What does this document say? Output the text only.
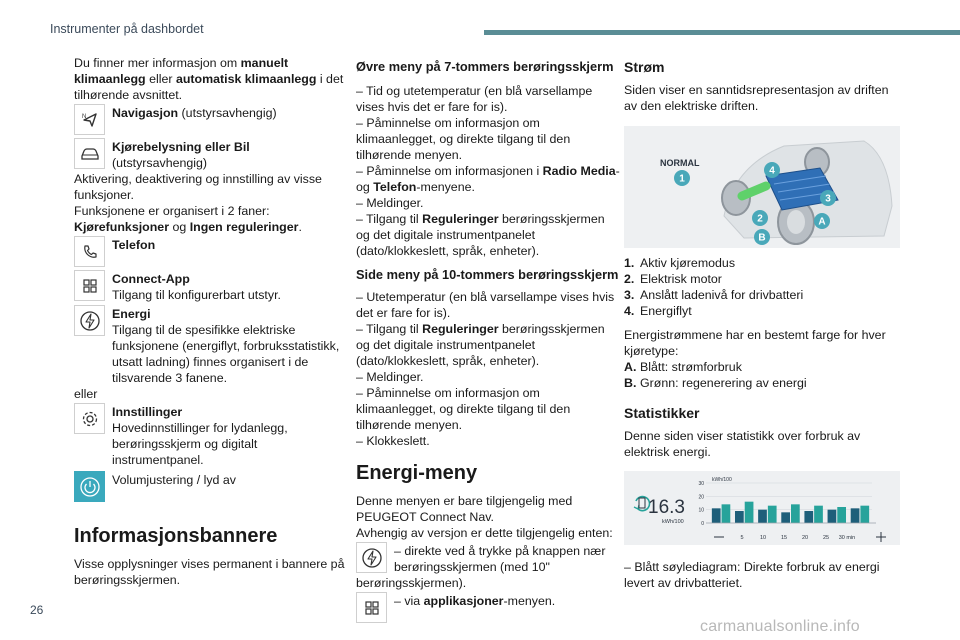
Instrumenter på dashbordet

Du finner mer informasjon om manuelt klimaanlegg eller automatisk klimaanlegg i det tilhørende avsnittet.

N Navigasjon (utstyrsavhengig)
Kjørebelysning eller Bil
(utstyrsavhengig)

Aktivering, deaktivering og innstilling av visse funksjoner.

Funksjonene er organisert i 2 faner:

Kjørefunksjoner og Ingen reguleringer.

Telefon
Connect-App
Tilgang til konfigurerbart utstyr.
Energi
Tilgang til de spesifikke elektriske funksjonene (energiflyt, forbruksstatistikk, utsatt ladning) finnes organisert i de tilsvarende 3 fanene.

eller

Innstillinger
Hovedinnstillinger for lydanlegg, berøringsskjerm og digitalt instrumentpanel.
Volumjustering / lyd av
Informasjonsbannere

Visse opplysninger vises permanent i bannere på berøringsskjermen.

Øvre meny på 7-tommers berøringsskjerm

– Tid og utetemperatur (en blå varsellampe vises hvis det er fare for is).

– Påminnelse om informasjon om klimaanlegget, og direkte tilgang til den tilhørende menyen.

– Påminnelse om informasjonen i Radio Media- og Telefon-menyene.

– Meldinger.

– Tilgang til Reguleringer berøringsskjermen og det digitale instrumentpanelet (dato/klokkeslett, språk, enheter).

Side meny på 10-tommers berøringsskjerm

– Utetemperatur (en blå varsellampe vises hvis det er fare for is).

– Tilgang til Reguleringer berøringsskjermen og det digitale instrumentpanelet (dato/klokkeslett, språk, enheter).

– Meldinger.

– Påminnelse om informasjon om klimaanlegget, og direkte tilgang til den tilhørende menyen.

– Klokkeslett.

Energi-meny

Denne menyen er bare tilgjengelig med PEUGEOT Connect Nav.

Avhengig av versjon er dette tilgjengelig enten:

– direkte ved å trykke på knappen nær berøringsskjermen (med 10"

berøringsskjermen).

– via applikasjoner-menyen.
Strøm

Siden viser en sanntidsrepresentasjon av driften av den elektriske driften.

NORMAL
1
4
3
2	A
B
1. Aktiv kjøremodus
2. Elektrisk motor
3. Anslått ladenivå for drivbatteri
4. Energiflyt

Energistrømmene har en bestemt farge for hver kjøretype:

A. Blått: strømforbruk
B. Grønn: regenerering av energi
Statistikker

Denne siden viser statistikk over forbruk av elektrisk energi.

16.3
kWh/100
kWh/100
30
20
10
0
5	10	15	20	25 30 min

– Blått søylediagram: Direkte forbruk av energi levert av drivbatteriet.

26
carmanualsonline.info
